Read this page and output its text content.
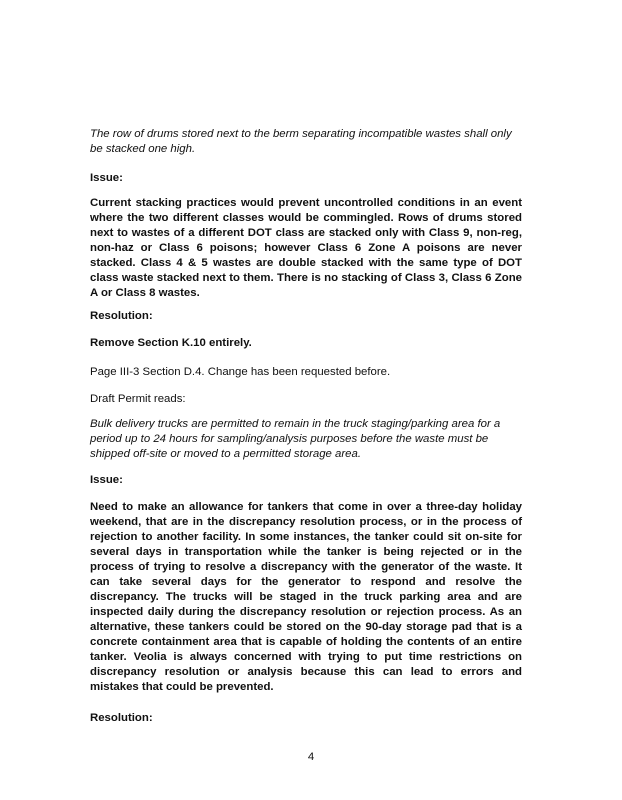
The row of drums stored next to the berm separating incompatible wastes shall only be stacked one high.

Issue:

Current stacking practices would prevent uncontrolled conditions in an event where the two different classes would be commingled. Rows of drums stored next to wastes of a different DOT class are stacked only with Class 9, non-reg, non-haz or Class 6 poisons; however Class 6 Zone A poisons are never stacked. Class 4 & 5 wastes are double stacked with the same type of DOT class waste stacked next to them. There is no stacking of Class 3, Class 6 Zone A or Class 8 wastes.

Resolution:

Remove Section K.10 entirely.

Page III-3 Section D.4. Change has been requested before.

Draft Permit reads:

Bulk delivery trucks are permitted to remain in the truck staging/parking area for a period up to 24 hours for sampling/analysis purposes before the waste must be shipped off-site or moved to a permitted storage area.

Issue:

Need to make an allowance for tankers that come in over a three-day holiday weekend, that are in the discrepancy resolution process, or in the process of rejection to another facility. In some instances, the tanker could sit on-site for several days in transportation while the tanker is being rejected or in the process of trying to resolve a discrepancy with the generator of the waste. It can take several days for the generator to respond and resolve the discrepancy. The trucks will be staged in the truck parking area and are inspected daily during the discrepancy resolution or rejection process. As an alternative, these tankers could be stored on the 90-day storage pad that is a concrete containment area that is capable of holding the contents of an entire tanker. Veolia is always concerned with trying to put time restrictions on discrepancy resolution or analysis because this can lead to errors and mistakes that could be prevented.

Resolution:

4
